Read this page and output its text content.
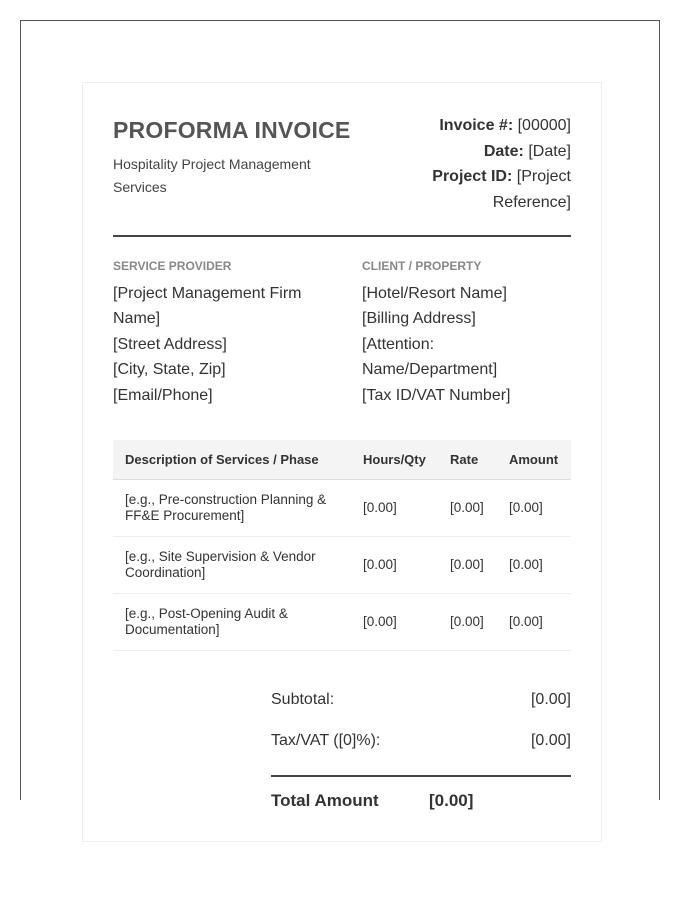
PROFORMA INVOICE
Hospitality Project Management Services
Invoice #: [00000]
Date: [Date]
Project ID: [Project Reference]
SERVICE PROVIDER
[Project Management Firm Name]
[Street Address]
[City, State, Zip]
[Email/Phone]
CLIENT / PROPERTY
[Hotel/Resort Name]
[Billing Address]
[Attention: Name/Department]
[Tax ID/VAT Number]
Description of Services / Phase	Hours/Qty	Rate	Amount
[e.g., Pre-construction Planning & FF&E Procurement]	[0.00]	[0.00]	[0.00]
[e.g., Site Supervision & Vendor Coordination]	[0.00]	[0.00]	[0.00]
[e.g., Post-Opening Audit & Documentation]	[0.00]	[0.00]	[0.00]
Subtotal:	[0.00]
Tax/VAT ([0]%):	[0.00]
Total Amount	[0.00]
